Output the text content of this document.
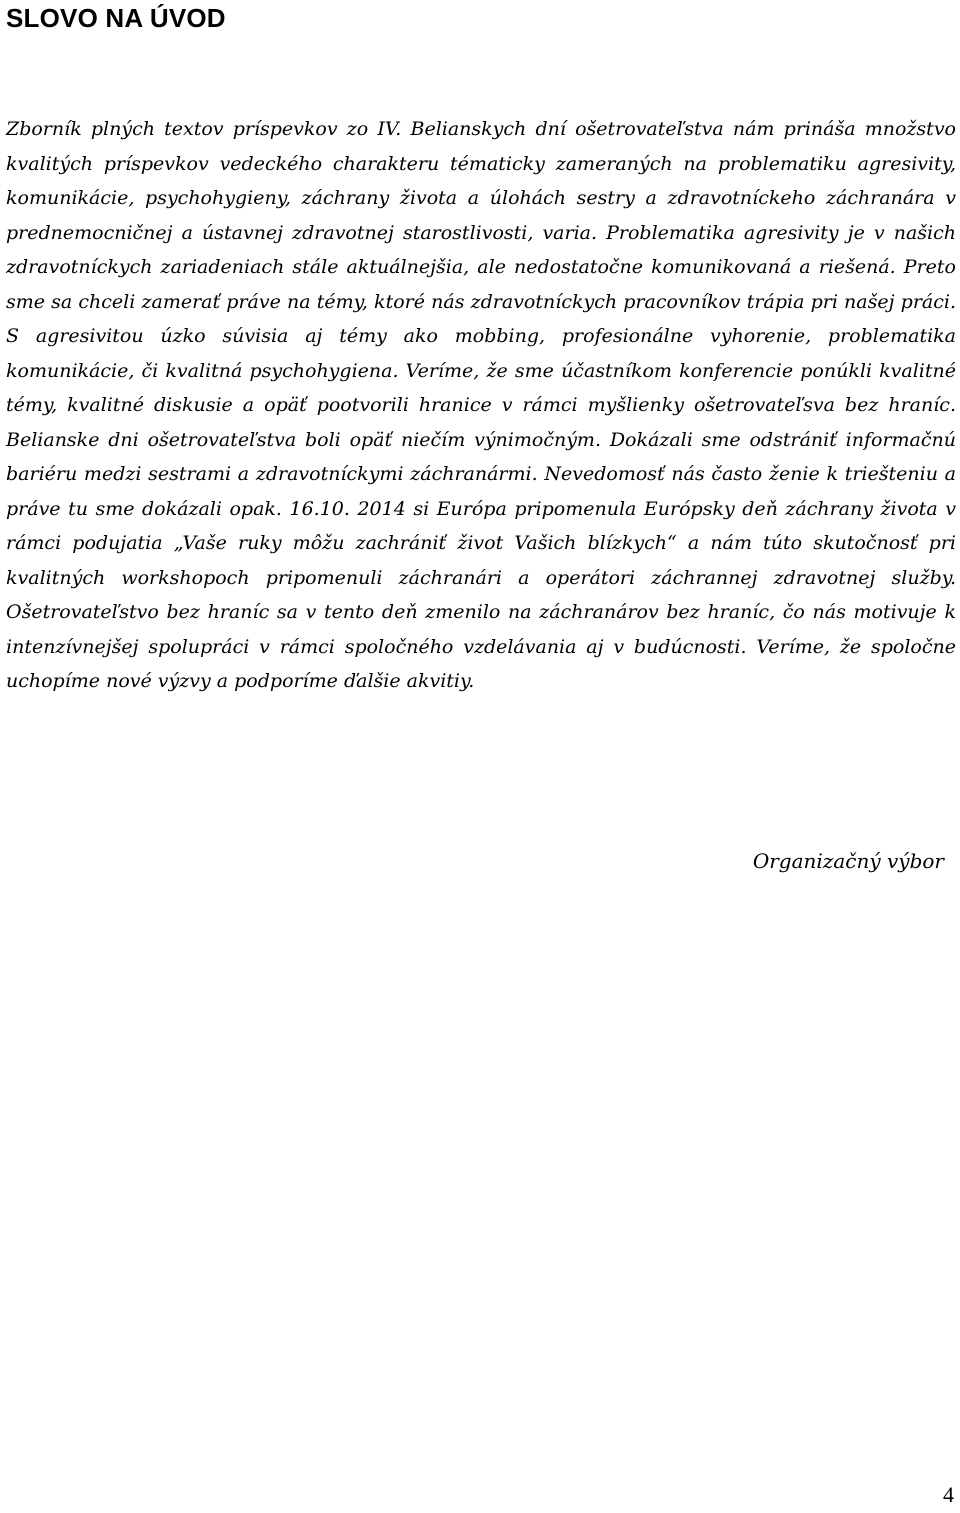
SLOVO NA ÚVOD

Zborník plných textov príspevkov zo IV. Belianskych dní ošetrovateľstva nám prináša množstvo kvalitých príspevkov vedeckého charakteru tématicky zameraných na problematiku agresivity, komunikácie, psychohygieny, záchrany života a úlohách sestry a zdravotníckeho záchranára v prednemocničnej a ústavnej zdravotnej starostlivosti, varia. Problematika agresivity je v našich zdravotníckych zariadeniach stále aktuálnejšia, ale nedostatočne komunikovaná a riešená. Preto sme sa chceli zamerať práve na témy, ktoré nás zdravotníckych pracovníkov trápia pri našej práci. S agresivitou úzko súvisia aj témy ako mobbing, profesionálne vyhorenie, problematika komunikácie, či kvalitná psychohygiena. Veríme, že sme účastníkom konferencie ponúkli kvalitné témy, kvalitné diskusie a opäť pootvorili hranice v rámci myšlienky ošetrovateľsva bez hraníc. Belianske dni ošetrovateľstva boli opäť niečím výnimočným. Dokázali sme odstrániť informačnú bariéru medzi sestrami a zdravotníckymi záchranármi. Nevedomosť nás často ženie k triešteniu a práve tu sme dokázali opak. 16.10. 2014 si Európa pripomenula Európsky deň záchrany života v rámci podujatia „Vaše ruky môžu zachrániť život Vašich blízkych“ a nám túto skutočnosť pri kvalitných workshopoch pripomenuli záchranári a operátori záchrannej zdravotnej služby. Ošetrovateľstvo bez hraníc sa v tento deň zmenilo na záchranárov bez hraníc, čo nás motivuje k intenzívnejšej spolupráci v rámci spoločného vzdelávania aj v budúcnosti. Veríme, že spoločne uchopíme nové výzvy a podporíme ďalšie akvitiy.

Organizačný výbor

4
